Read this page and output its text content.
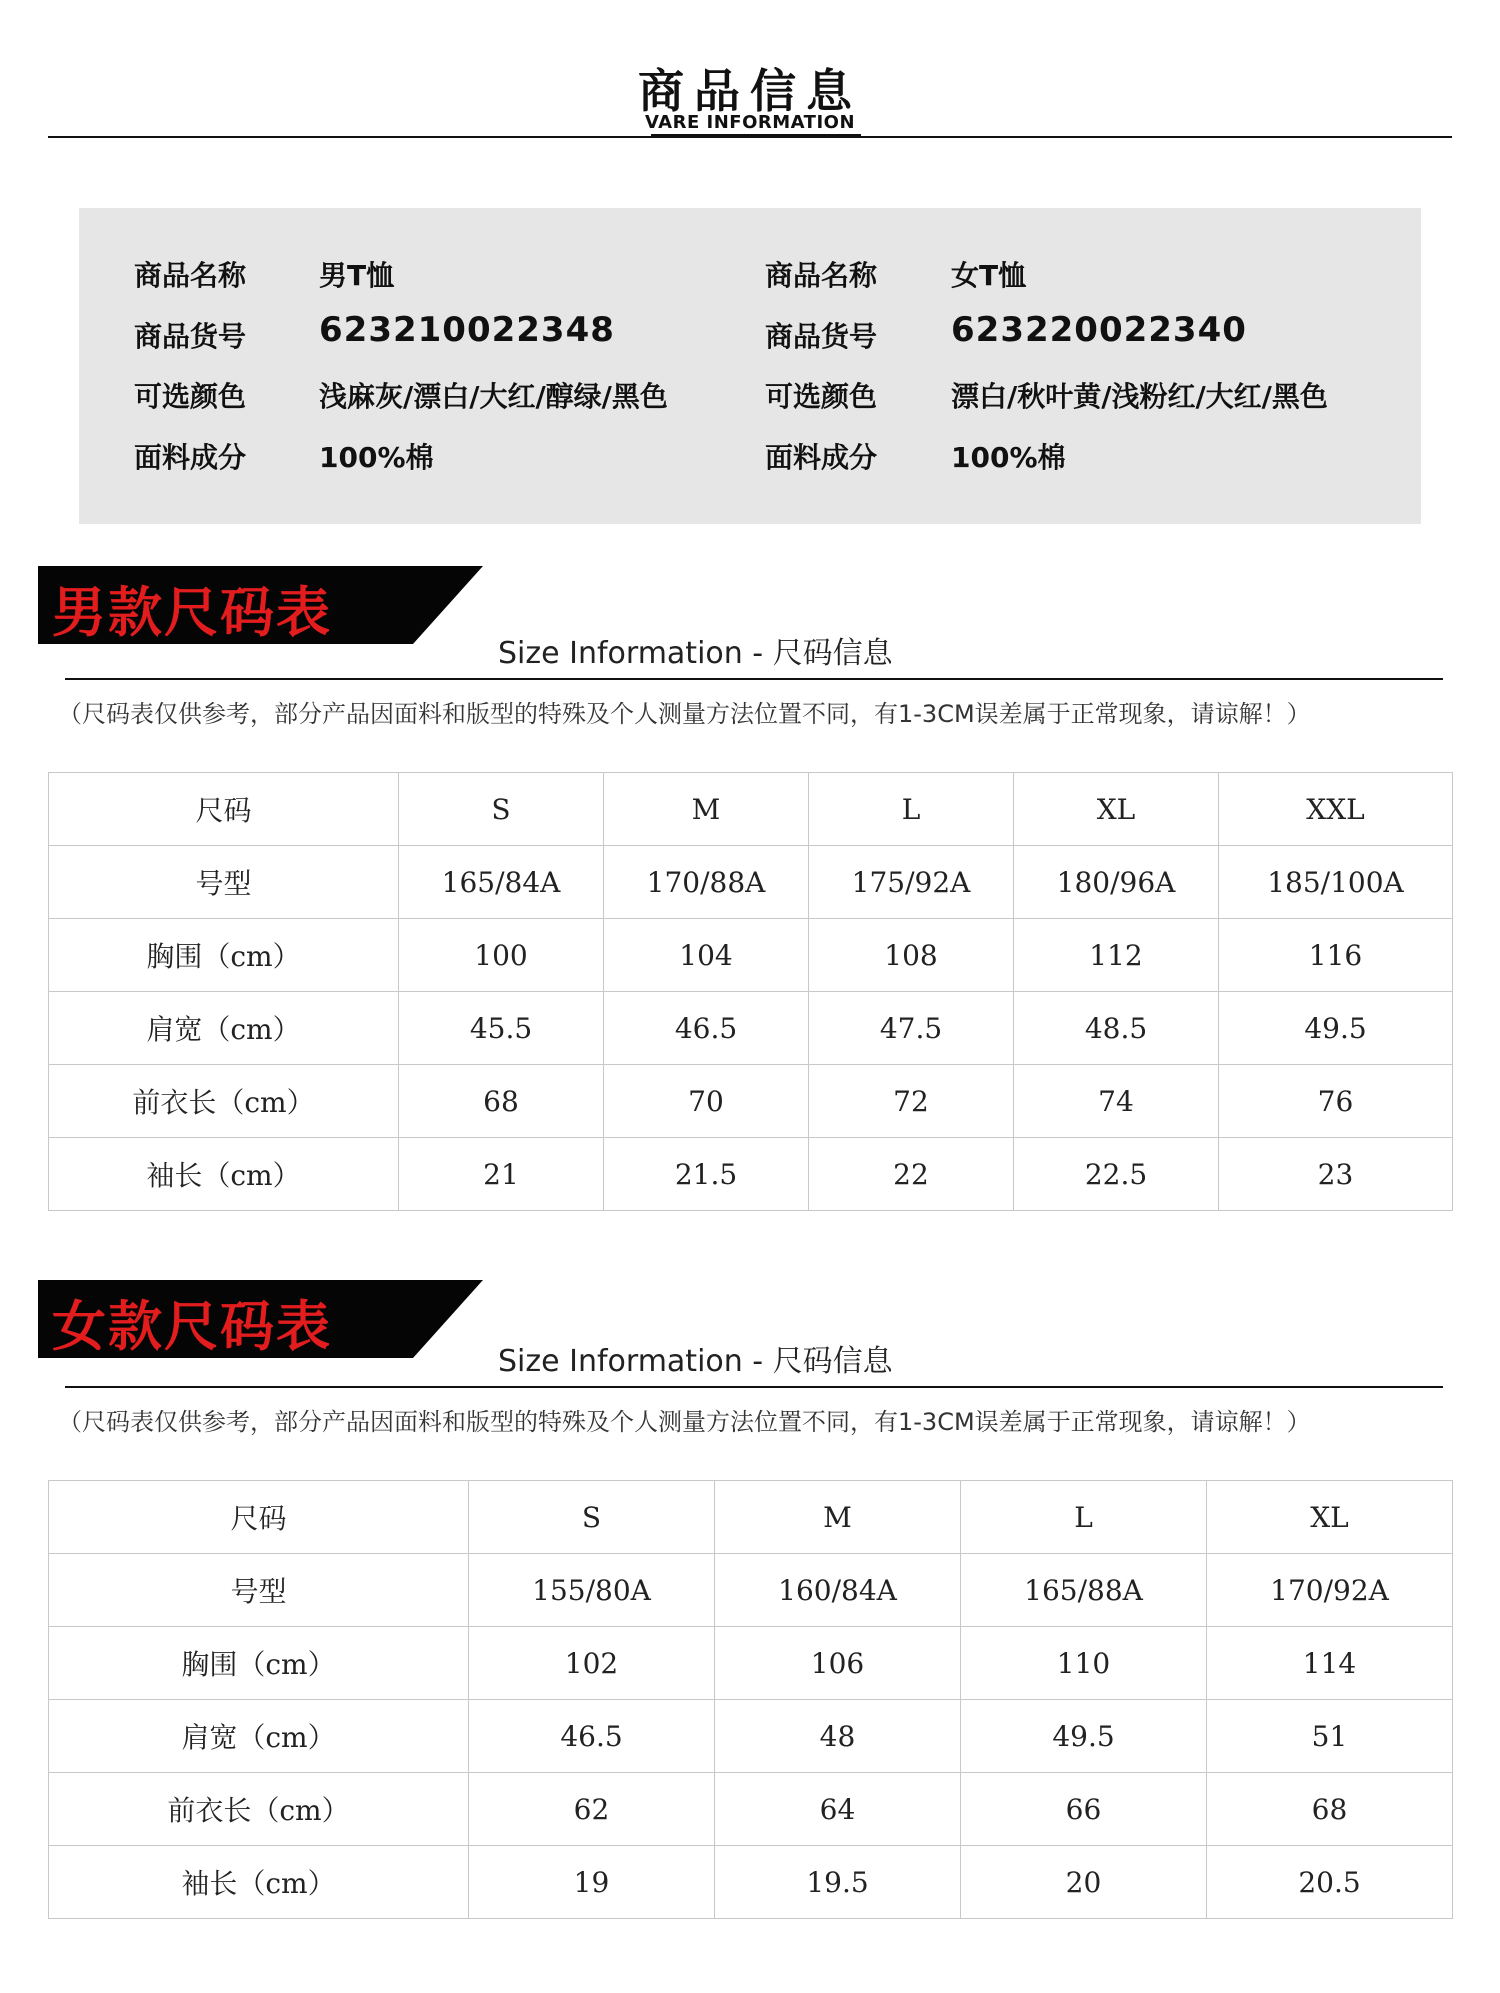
商品信息
VARE INFORMATION
商品名称	男T恤
商品货号 623210022348
可选颜色	浅麻灰/漂白/大红/醇绿/黑色
面料成分	100%棉
商品名称	女T恤
商品货号 623220022340
可选颜色	漂白/秋叶黄/浅粉红/大红/黑色
面料成分	100%棉
男款尺码表
Size Information - 尺码信息
（尺码表仅供参考，部分产品因面料和版型的特殊及个人测量方法位置不同，有1-3CM误差属于正常现象，请谅解！）
尺码	S	M	L	XL	XXL
号型	165/84A	170/88A	175/92A	180/96A	185/100A
胸围（cm）	100	104	108	112	116
肩宽（cm）	45.5	46.5	47.5	48.5	49.5
前衣长（cm）	68	70	72	74	76
袖长（cm）	21	21.5	22	22.5	23
女款尺码表
Size Information - 尺码信息
（尺码表仅供参考，部分产品因面料和版型的特殊及个人测量方法位置不同，有1-3CM误差属于正常现象，请谅解！）
尺码	S	M	L	XL
号型	155/80A	160/84A	165/88A	170/92A
胸围（cm）	102	106	110	114
肩宽（cm）	46.5	48	49.5	51
前衣长（cm）	62	64	66	68
袖长（cm）	19	19.5	20	20.5
